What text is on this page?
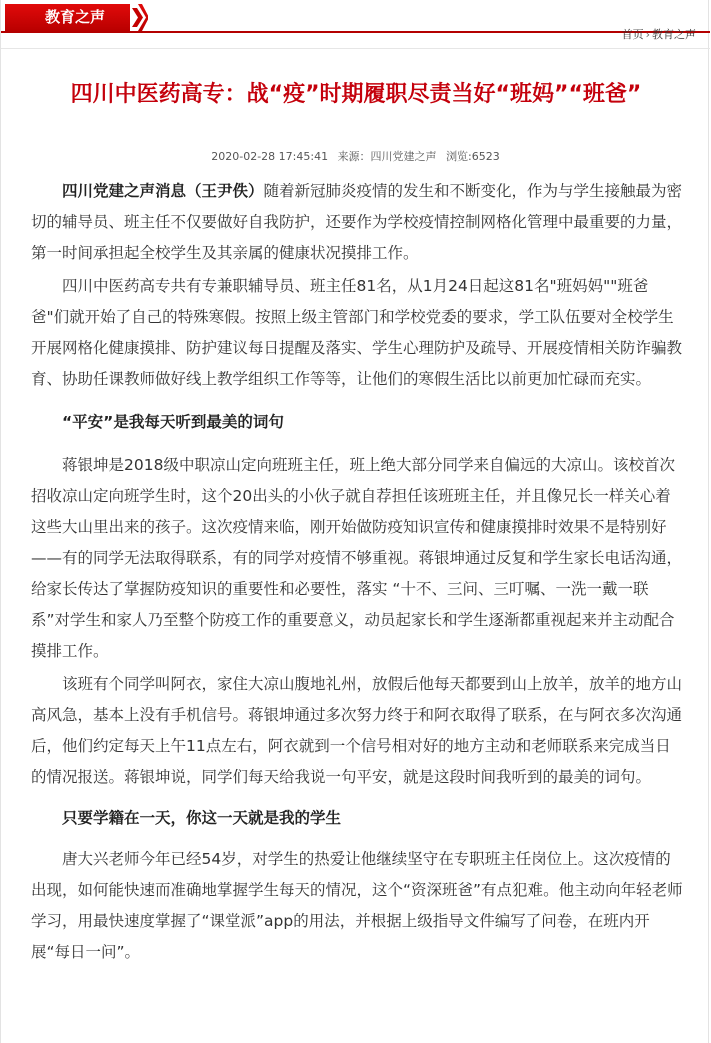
教育之声
首页 › 教育之声
四川中医药高专：战“疫”时期履职尽责当好“班妈”“班爸”
2020-02-28 17:45:41 来源：四川党建之声 浏览:6523

四川党建之声消息（王尹佚）随着新冠肺炎疫情的发生和不断变化，作为与学生接触最为密切的辅导员、班主任不仅要做好自我防护，还要作为学校疫情控制网格化管理中最重要的力量，第一时间承担起全校学生及其亲属的健康状况摸排工作。

四川中医药高专共有专兼职辅导员、班主任81名，从1月24日起这81名"班妈妈""班爸爸"们就开始了自己的特殊寒假。按照上级主管部门和学校党委的要求，学工队伍要对全校学生开展网格化健康摸排、防护建议每日提醒及落实、学生心理防护及疏导、开展疫情相关防诈骗教育、协助任课教师做好线上教学组织工作等等，让他们的寒假生活比以前更加忙碌而充实。

“平安”是我每天听到最美的词句

蒋银坤是2018级中职凉山定向班班主任，班上绝大部分同学来自偏远的大凉山。该校首次招收凉山定向班学生时，这个20出头的小伙子就自荐担任该班班主任，并且像兄长一样关心着这些大山里出来的孩子。这次疫情来临，刚开始做防疫知识宣传和健康摸排时效果不是特别好——有的同学无法取得联系，有的同学对疫情不够重视。蒋银坤通过反复和学生家长电话沟通，给家长传达了掌握防疫知识的重要性和必要性，落实 “十不、三问、三叮嘱、一洗一戴一联系”对学生和家人乃至整个防疫工作的重要意义，动员起家长和学生逐渐都重视起来并主动配合摸排工作。

该班有个同学叫阿衣，家住大凉山腹地礼州，放假后他每天都要到山上放羊，放羊的地方山高风急，基本上没有手机信号。蒋银坤通过多次努力终于和阿衣取得了联系，在与阿衣多次沟通后，他们约定每天上午11点左右，阿衣就到一个信号相对好的地方主动和老师联系来完成当日的情况报送。蒋银坤说，同学们每天给我说一句平安，就是这段时间我听到的最美的词句。

只要学籍在一天，你这一天就是我的学生

唐大兴老师今年已经54岁，对学生的热爱让他继续坚守在专职班主任岗位上。这次疫情的出现，如何能快速而准确地掌握学生每天的情况，这个“资深班爸”有点犯难。他主动向年轻老师学习，用最快速度掌握了“课堂派”app的用法，并根据上级指导文件编写了问卷，在班内开展“每日一问”。
